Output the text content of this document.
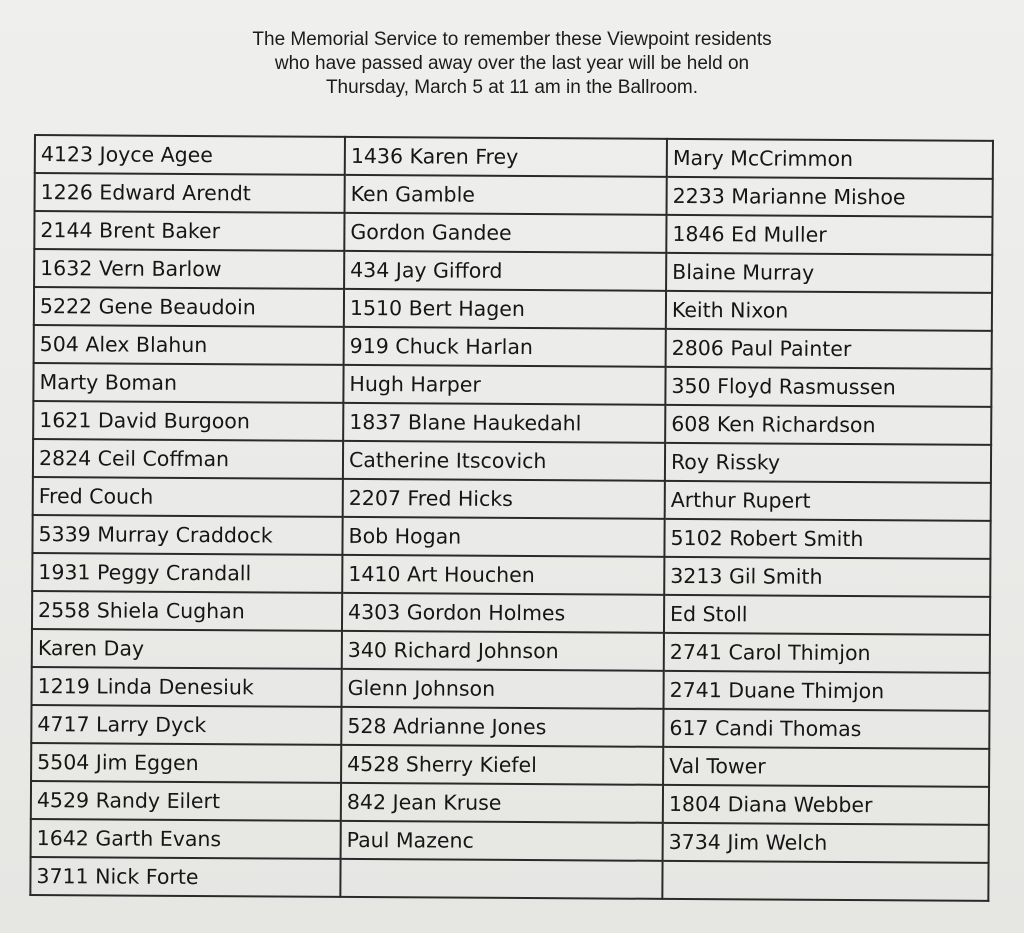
The Memorial Service to remember these Viewpoint residents
who have passed away over the last year will be held on
Thursday, March 5 at 11 am in the Ballroom.
4123 Joyce Agee	1436 Karen Frey	Mary McCrimmon
1226 Edward Arendt	Ken Gamble	2233 Marianne Mishoe
2144 Brent Baker	Gordon Gandee	1846 Ed Muller
1632 Vern Barlow	434 Jay Gifford	Blaine Murray
5222 Gene Beaudoin	1510 Bert Hagen	Keith Nixon
504 Alex Blahun	919 Chuck Harlan	2806 Paul Painter
Marty Boman	Hugh Harper	350 Floyd Rasmussen
1621 David Burgoon	1837 Blane Haukedahl	608 Ken Richardson
2824 Ceil Coffman	Catherine Itscovich	Roy Rissky
Fred Couch	2207 Fred Hicks	Arthur Rupert
5339 Murray Craddock	Bob Hogan	5102 Robert Smith
1931 Peggy Crandall	1410 Art Houchen	3213 Gil Smith
2558 Shiela Cughan	4303 Gordon Holmes	Ed Stoll
Karen Day	340 Richard Johnson	2741 Carol Thimjon
1219 Linda Denesiuk	Glenn Johnson	2741 Duane Thimjon
4717 Larry Dyck	528 Adrianne Jones	617 Candi Thomas
5504 Jim Eggen	4528 Sherry Kiefel	Val Tower
4529 Randy Eilert	842 Jean Kruse	1804 Diana Webber
1642 Garth Evans	Paul Mazenc	3734 Jim Welch
3711 Nick Forte		
